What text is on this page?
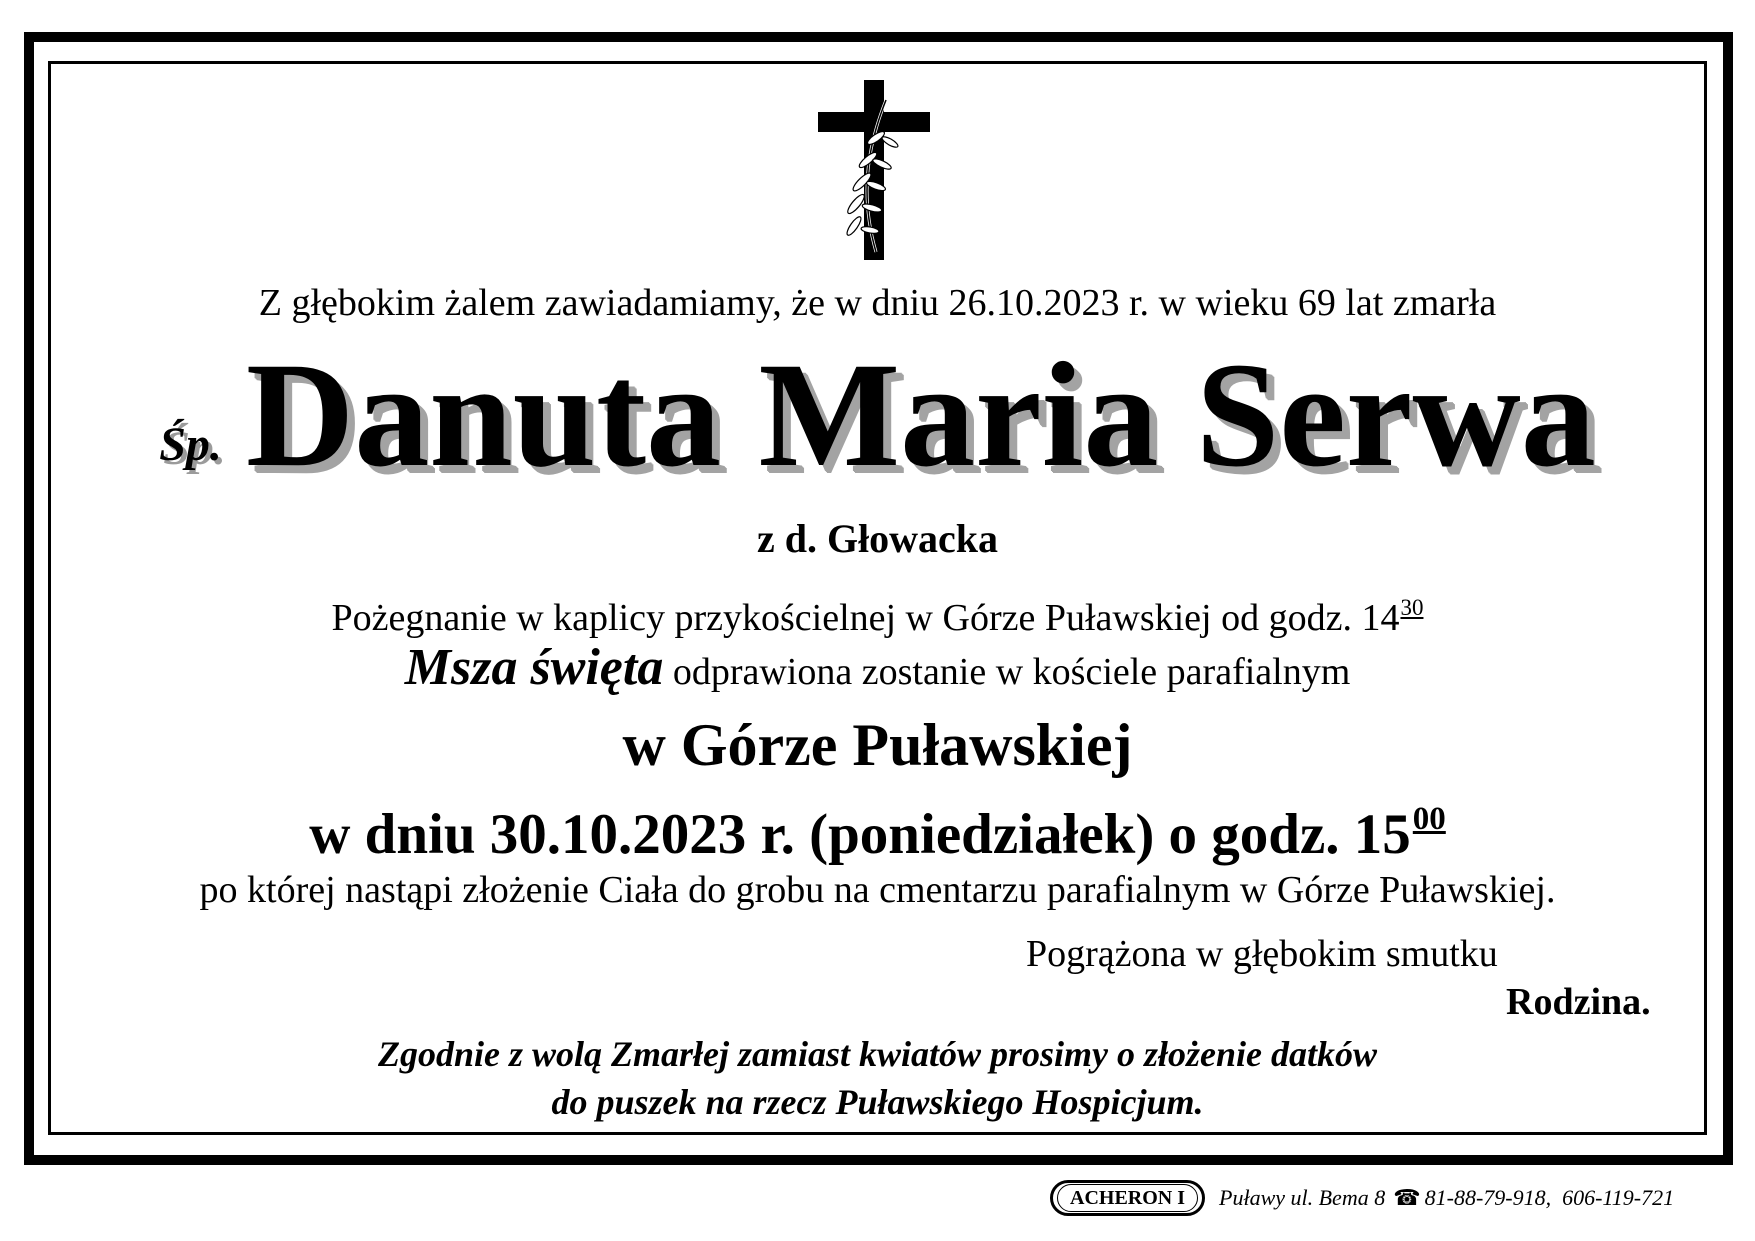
Z głębokim żalem zawiadamiamy, że w dniu 26.10.2023 r. w wieku 69 lat zmarła
Śp. Danuta Maria Serwa
z d. Głowacka
Pożegnanie w kaplicy przykościelnej w Górze Puławskiej od godz. $14^{30}$
Msza święta odprawiona zostanie w kościele parafialnym
w Górze Puławskiej
w dniu 30.10.2023 r. (poniedziałek) o godz. $15^{00}$
po której nastąpi złożenie Ciała do grobu na cmentarzu parafialnym w Górze Puławskiej.
Pogrążona w głębokim smutku
Rodzina.
Zgodnie z wolą Zmarłej zamiast kwiatów prosimy o złożenie datków
do puszek na rzecz Puławskiego Hospicjum.
ACHERON I Puławy ul. Bema 8 ☎ 81-88-79-918,  606-119-721
